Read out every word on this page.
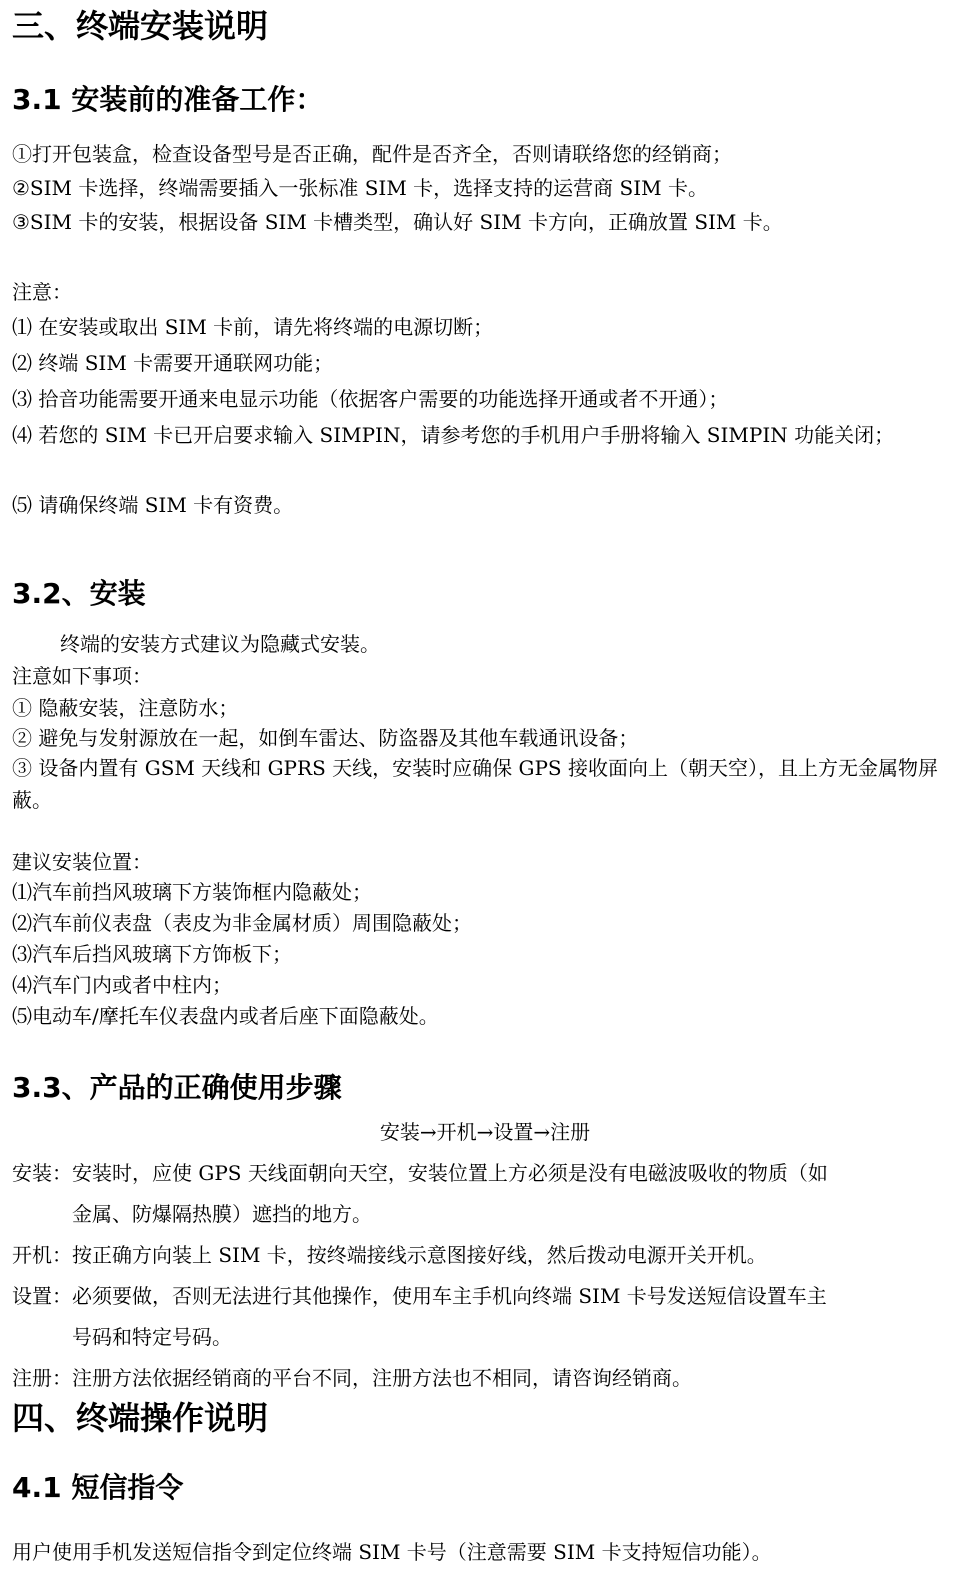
三、终端安装说明
3.1 安装前的准备工作：

①打开包装盒，检查设备型号是否正确，配件是否齐全，否则请联络您的经销商；

②SIM 卡选择，终端需要插入一张标准 SIM 卡，选择支持的运营商 SIM 卡。

③SIM 卡的安装，根据设备 SIM 卡槽类型，确认好 SIM 卡方向，正确放置 SIM 卡。

注意：

⑴ 在安装或取出 SIM 卡前，请先将终端的电源切断；

⑵ 终端 SIM 卡需要开通联网功能；

⑶ 拾音功能需要开通来电显示功能（依据客户需要的功能选择开通或者不开通）；

⑷ 若您的 SIM 卡已开启要求输入 SIMPIN，请参考您的手机用户手册将输入 SIMPIN 功能关闭；

⑸ 请确保终端 SIM 卡有资费。

3.2、安装

终端的安装方式建议为隐藏式安装。

注意如下事项：

① 隐蔽安装，注意防水；

② 避免与发射源放在一起，如倒车雷达、防盗器及其他车载通讯设备；

③ 设备内置有 GSM 天线和 GPRS 天线，安装时应确保 GPS 接收面向上（朝天空），且上方无金属物屏蔽。

建议安装位置：

⑴汽车前挡风玻璃下方装饰框内隐蔽处；

⑵汽车前仪表盘（表皮为非金属材质）周围隐蔽处；

⑶汽车后挡风玻璃下方饰板下；

⑷汽车门内或者中柱内；

⑸电动车/摩托车仪表盘内或者后座下面隐蔽处。

3.3、产品的正确使用步骤

安装→开机→设置→注册

安装：安装时，应使 GPS 天线面朝向天空，安装位置上方必须是没有电磁波吸收的物质（如

金属、防爆隔热膜）遮挡的地方。

开机：按正确方向装上 SIM 卡，按终端接线示意图接好线，然后拨动电源开关开机。

设置：必须要做，否则无法进行其他操作，使用车主手机向终端 SIM 卡号发送短信设置车主

号码和特定号码。

注册：注册方法依据经销商的平台不同，注册方法也不相同，请咨询经销商。

四、终端操作说明
4.1 短信指令

用户使用手机发送短信指令到定位终端 SIM 卡号（注意需要 SIM 卡支持短信功能）。
